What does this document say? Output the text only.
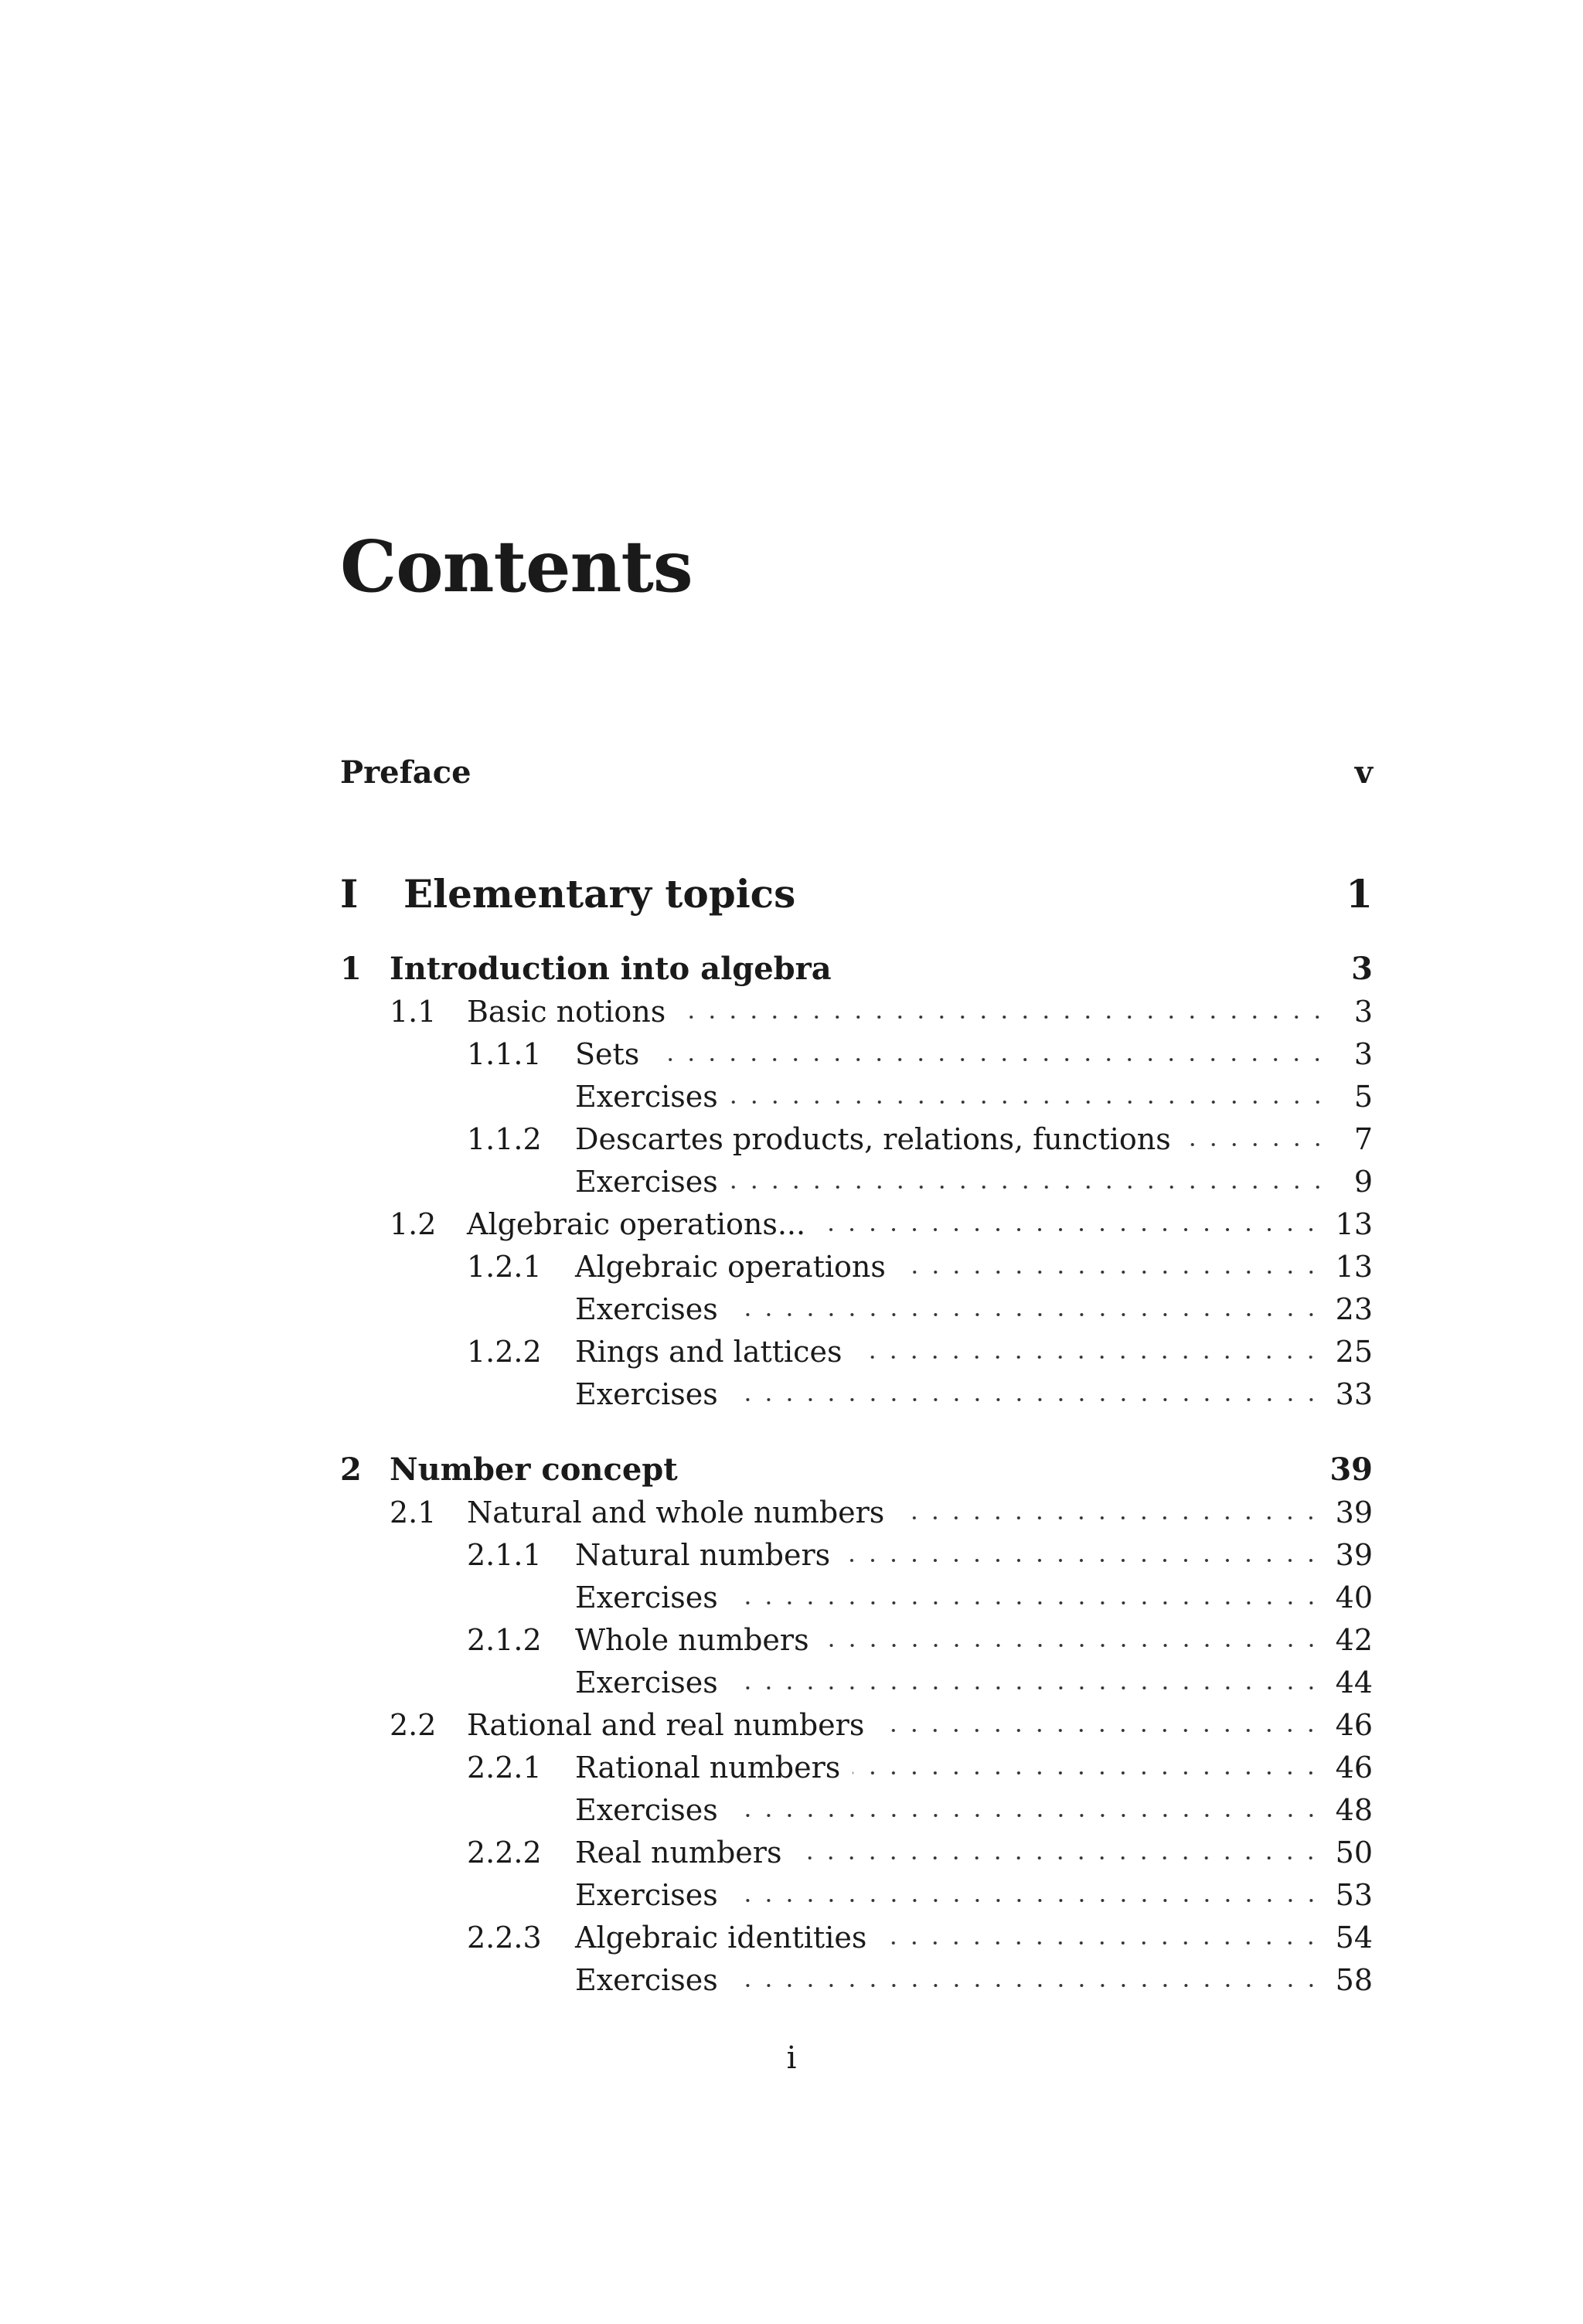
Contents
Preface	v
I	Elementary topics	1
1 Introduction into algebra	3
1.1	Basic notions	3
1.1.1	Sets	3
Exercises	5
1.1.2	Descartes products, relations, functions	7
Exercises	9
1.2	Algebraic operations...	13
1.2.1	Algebraic operations	13
Exercises	23
1.2.2	Rings and lattices	25
Exercises	33
2 Number concept	39
2.1	Natural and whole numbers	39
2.1.1	Natural numbers	39
Exercises	40
2.1.2	Whole numbers	42
Exercises	44
2.2	Rational and real numbers	46
2.2.1	Rational numbers	46
Exercises	48
2.2.2	Real numbers	50
Exercises	53
2.2.3	Algebraic identities	54
Exercises	58
i
